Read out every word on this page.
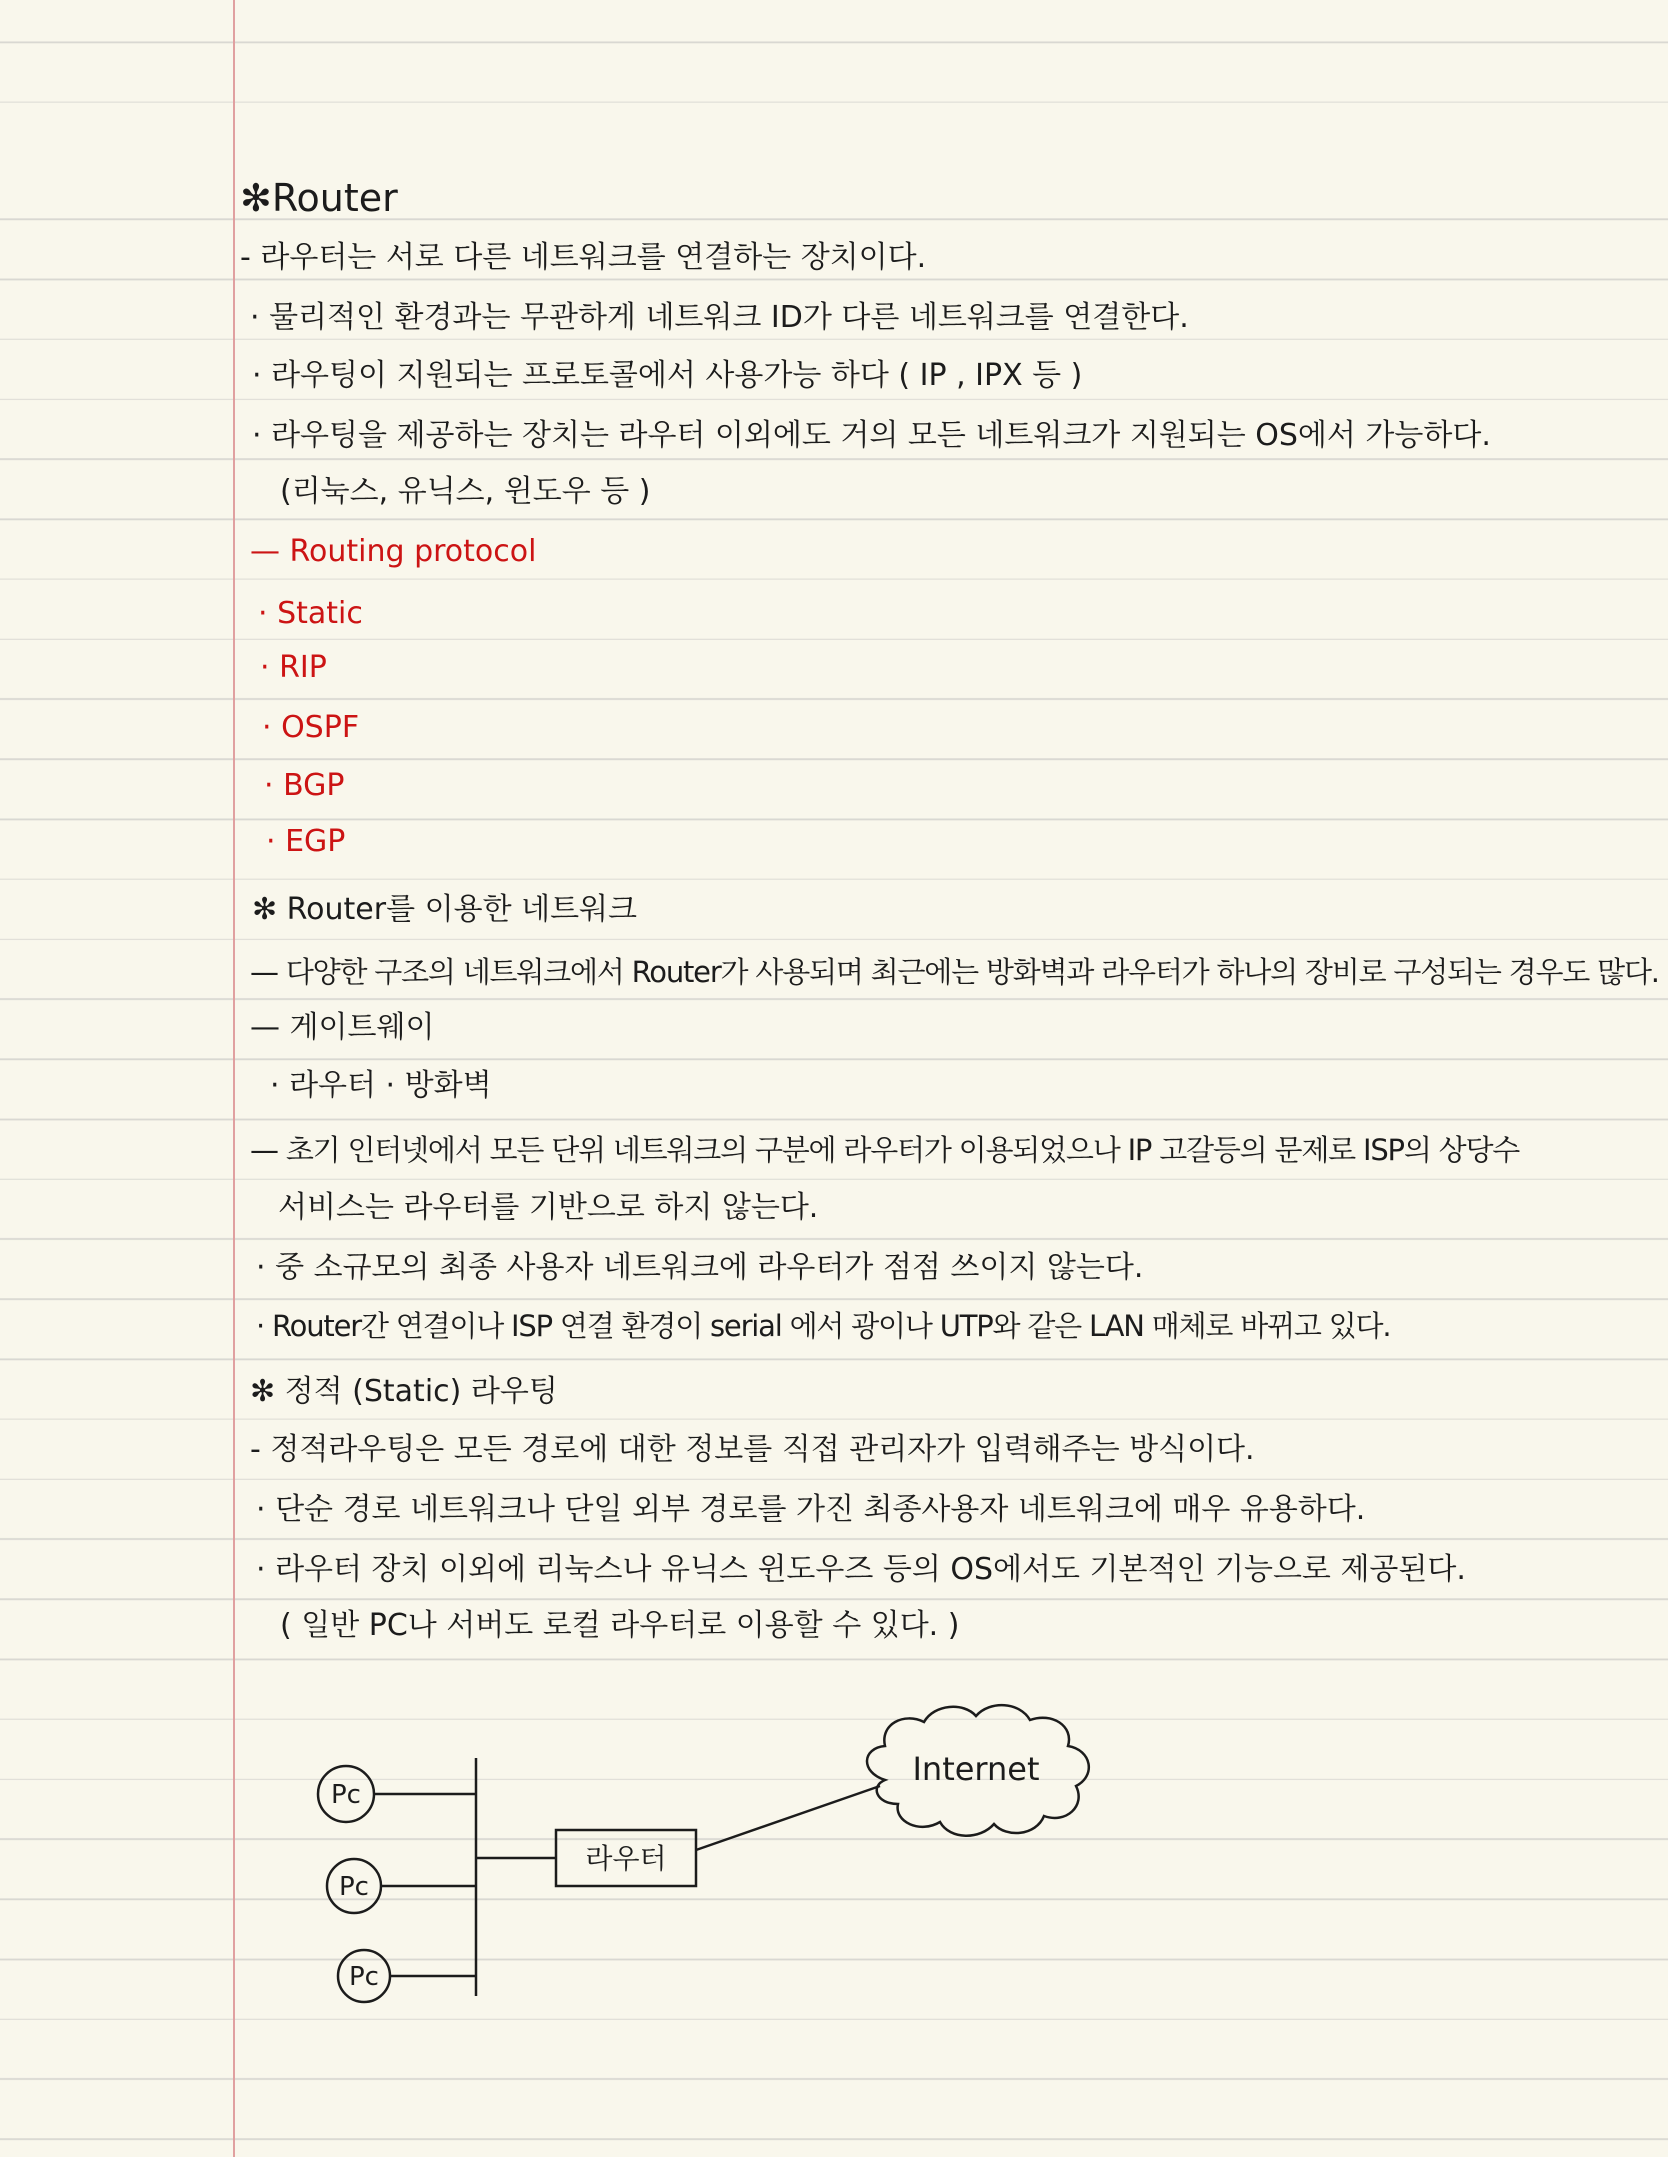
✻Router
- 라우터는 서로 다른 네트워크를 연결하는 장치이다.
· 물리적인 환경과는 무관하게 네트워크 ID가 다른 네트워크를 연결한다.
· 라우팅이 지원되는 프로토콜에서 사용가능 하다 ( IP , IPX 등 )
· 라우팅을 제공하는 장치는 라우터 이외에도 거의 모든 네트워크가 지원되는 OS에서 가능하다.
(리눅스, 유닉스, 윈도우 등 )
— Routing protocol
· Static
· RIP
· OSPF
· BGP
· EGP
✻ Router를 이용한 네트워크
— 다양한 구조의 네트워크에서 Router가 사용되며 최근에는 방화벽과 라우터가 하나의 장비로 구성되는 경우도 많다.
— 게이트웨이
· 라우터 · 방화벽
— 초기 인터넷에서 모든 단위 네트워크의 구분에 라우터가 이용되었으나 IP 고갈등의 문제로 ISP의 상당수
서비스는 라우터를 기반으로 하지 않는다.
· 중 소규모의 최종 사용자 네트워크에 라우터가 점점 쓰이지 않는다.
· Router간 연결이나 ISP 연결 환경이 serial 에서 광이나 UTP와 같은 LAN 매체로 바뀌고 있다.
✻ 정적 (Static) 라우팅
- 정적라우팅은 모든 경로에 대한 정보를 직접 관리자가 입력해주는 방식이다.
· 단순 경로 네트워크나 단일 외부 경로를 가진 최종사용자 네트워크에 매우 유용하다.
· 라우터 장치 이외에 리눅스나 유닉스 윈도우즈 등의 OS에서도 기본적인 기능으로 제공된다.
( 일반 PC나 서버도 로컬 라우터로 이용할 수 있다. )
Pc
Pc
Pc
라우터
Internet
